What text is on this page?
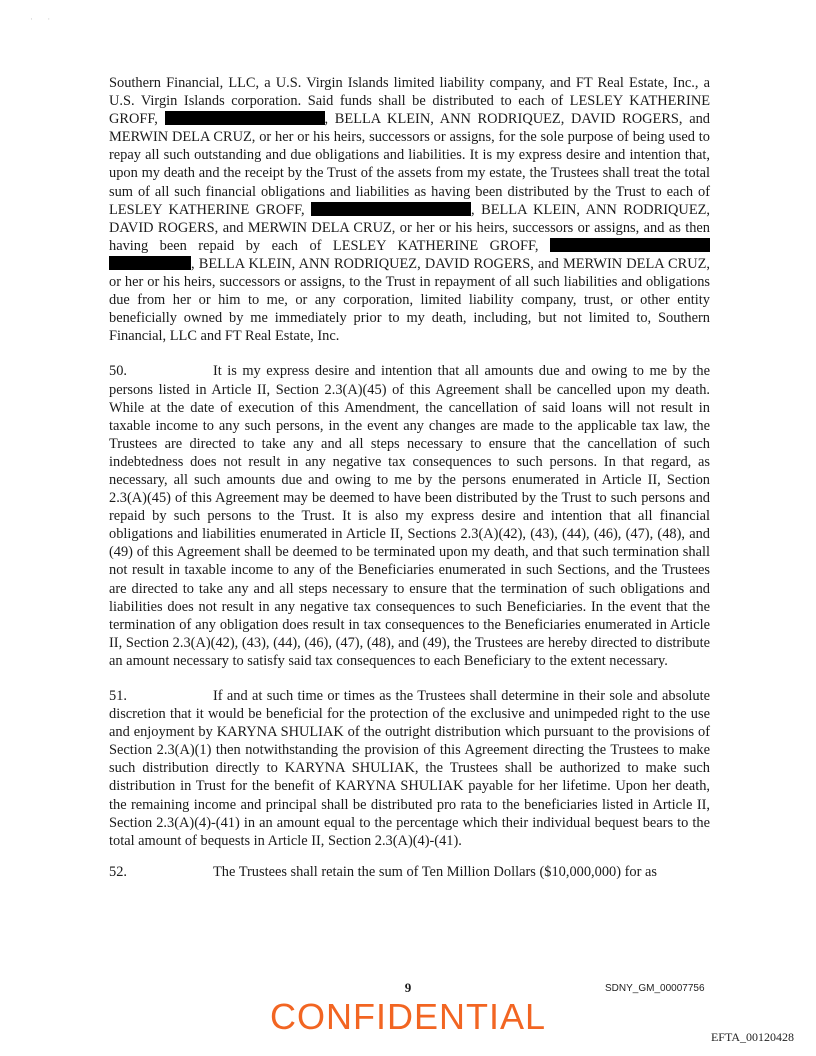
· ·

Southern Financial, LLC, a U.S. Virgin Islands limited liability company, and FT Real Estate, Inc., a U.S. Virgin Islands corporation. Said funds shall be distributed to each of LESLEY KATHERINE GROFF,	, BELLA KLEIN, ANN RODRIQUEZ, DAVID ROGERS, and MERWIN DELA CRUZ, or her or his heirs, successors or assigns, for the sole purpose of being used to repay all such outstanding and due obligations and liabilities. It is my express desire and intention that, upon my death and the receipt by the Trust of the assets from my estate, the Trustees shall treat the total sum of all such financial obligations and liabilities as having been distributed by the Trust to each of LESLEY KATHERINE GROFF,	, BELLA KLEIN, ANN RODRIQUEZ, DAVID ROGERS, and MERWIN DELA CRUZ, or her or his heirs, successors or assigns, and as then having been repaid by each of LESLEY KATHERINE GROFF,  , BELLA KLEIN, ANN RODRIQUEZ, DAVID ROGERS, and MERWIN DELA CRUZ, or her or his heirs, successors or assigns, to the Trust in repayment of all such liabilities and obligations due from her or him to me, or any corporation, limited liability company, trust, or other entity beneficially owned by me immediately prior to my death, including, but not limited to, Southern Financial, LLC and FT Real Estate, Inc.

50.	It is my express desire and intention that all amounts due and owing to me by the persons listed in Article II, Section 2.3(A)(45) of this Agreement shall be cancelled upon my death. While at the date of execution of this Amendment, the cancellation of said loans will not result in taxable income to any such persons, in the event any changes are made to the applicable tax law, the Trustees are directed to take any and all steps necessary to ensure that the cancellation of such indebtedness does not result in any negative tax consequences to such persons. In that regard, as necessary, all such amounts due and owing to me by the persons enumerated in Article II, Section 2.3(A)(45) of this Agreement may be deemed to have been distributed by the Trust to such persons and repaid by such persons to the Trust. It is also my express desire and intention that all financial obligations and liabilities enumerated in Article II, Sections 2.3(A)(42), (43), (44), (46), (47), (48), and (49) of this Agreement shall be deemed to be terminated upon my death, and that such termination shall not result in taxable income to any of the Beneficiaries enumerated in such Sections, and the Trustees are directed to take any and all steps necessary to ensure that the termination of such obligations and liabilities does not result in any negative tax consequences to such Beneficiaries. In the event that the termination of any obligation does result in tax consequences to the Beneficiaries enumerated in Article II, Section 2.3(A)(42), (43), (44), (46), (47), (48), and (49), the Trustees are hereby directed to distribute an amount necessary to satisfy said tax consequences to each Beneficiary to the extent necessary.

51.	If and at such time or times as the Trustees shall determine in their sole and absolute discretion that it would be beneficial for the protection of the exclusive and unimpeded right to the use and enjoyment by KARYNA SHULIAK of the outright distribution which pursuant to the provisions of Section 2.3(A)(1) then notwithstanding the provision of this Agreement directing the Trustees to make such distribution directly to KARYNA SHULIAK, the Trustees shall be authorized to make such distribution in Trust for the benefit of KARYNA SHULIAK payable for her lifetime. Upon her death, the remaining income and principal shall be distributed pro rata to the beneficiaries listed in Article II, Section 2.3(A)(4)-(41) in an amount equal to the percentage which their individual bequest bears to the total amount of bequests in Article II, Section 2.3(A)(4)-(41).

52.	The Trustees shall retain the sum of Ten Million Dollars ($10,000,000) for as

9
CONFIDENTIAL
SDNY_GM_00007756
EFTA_00120428
